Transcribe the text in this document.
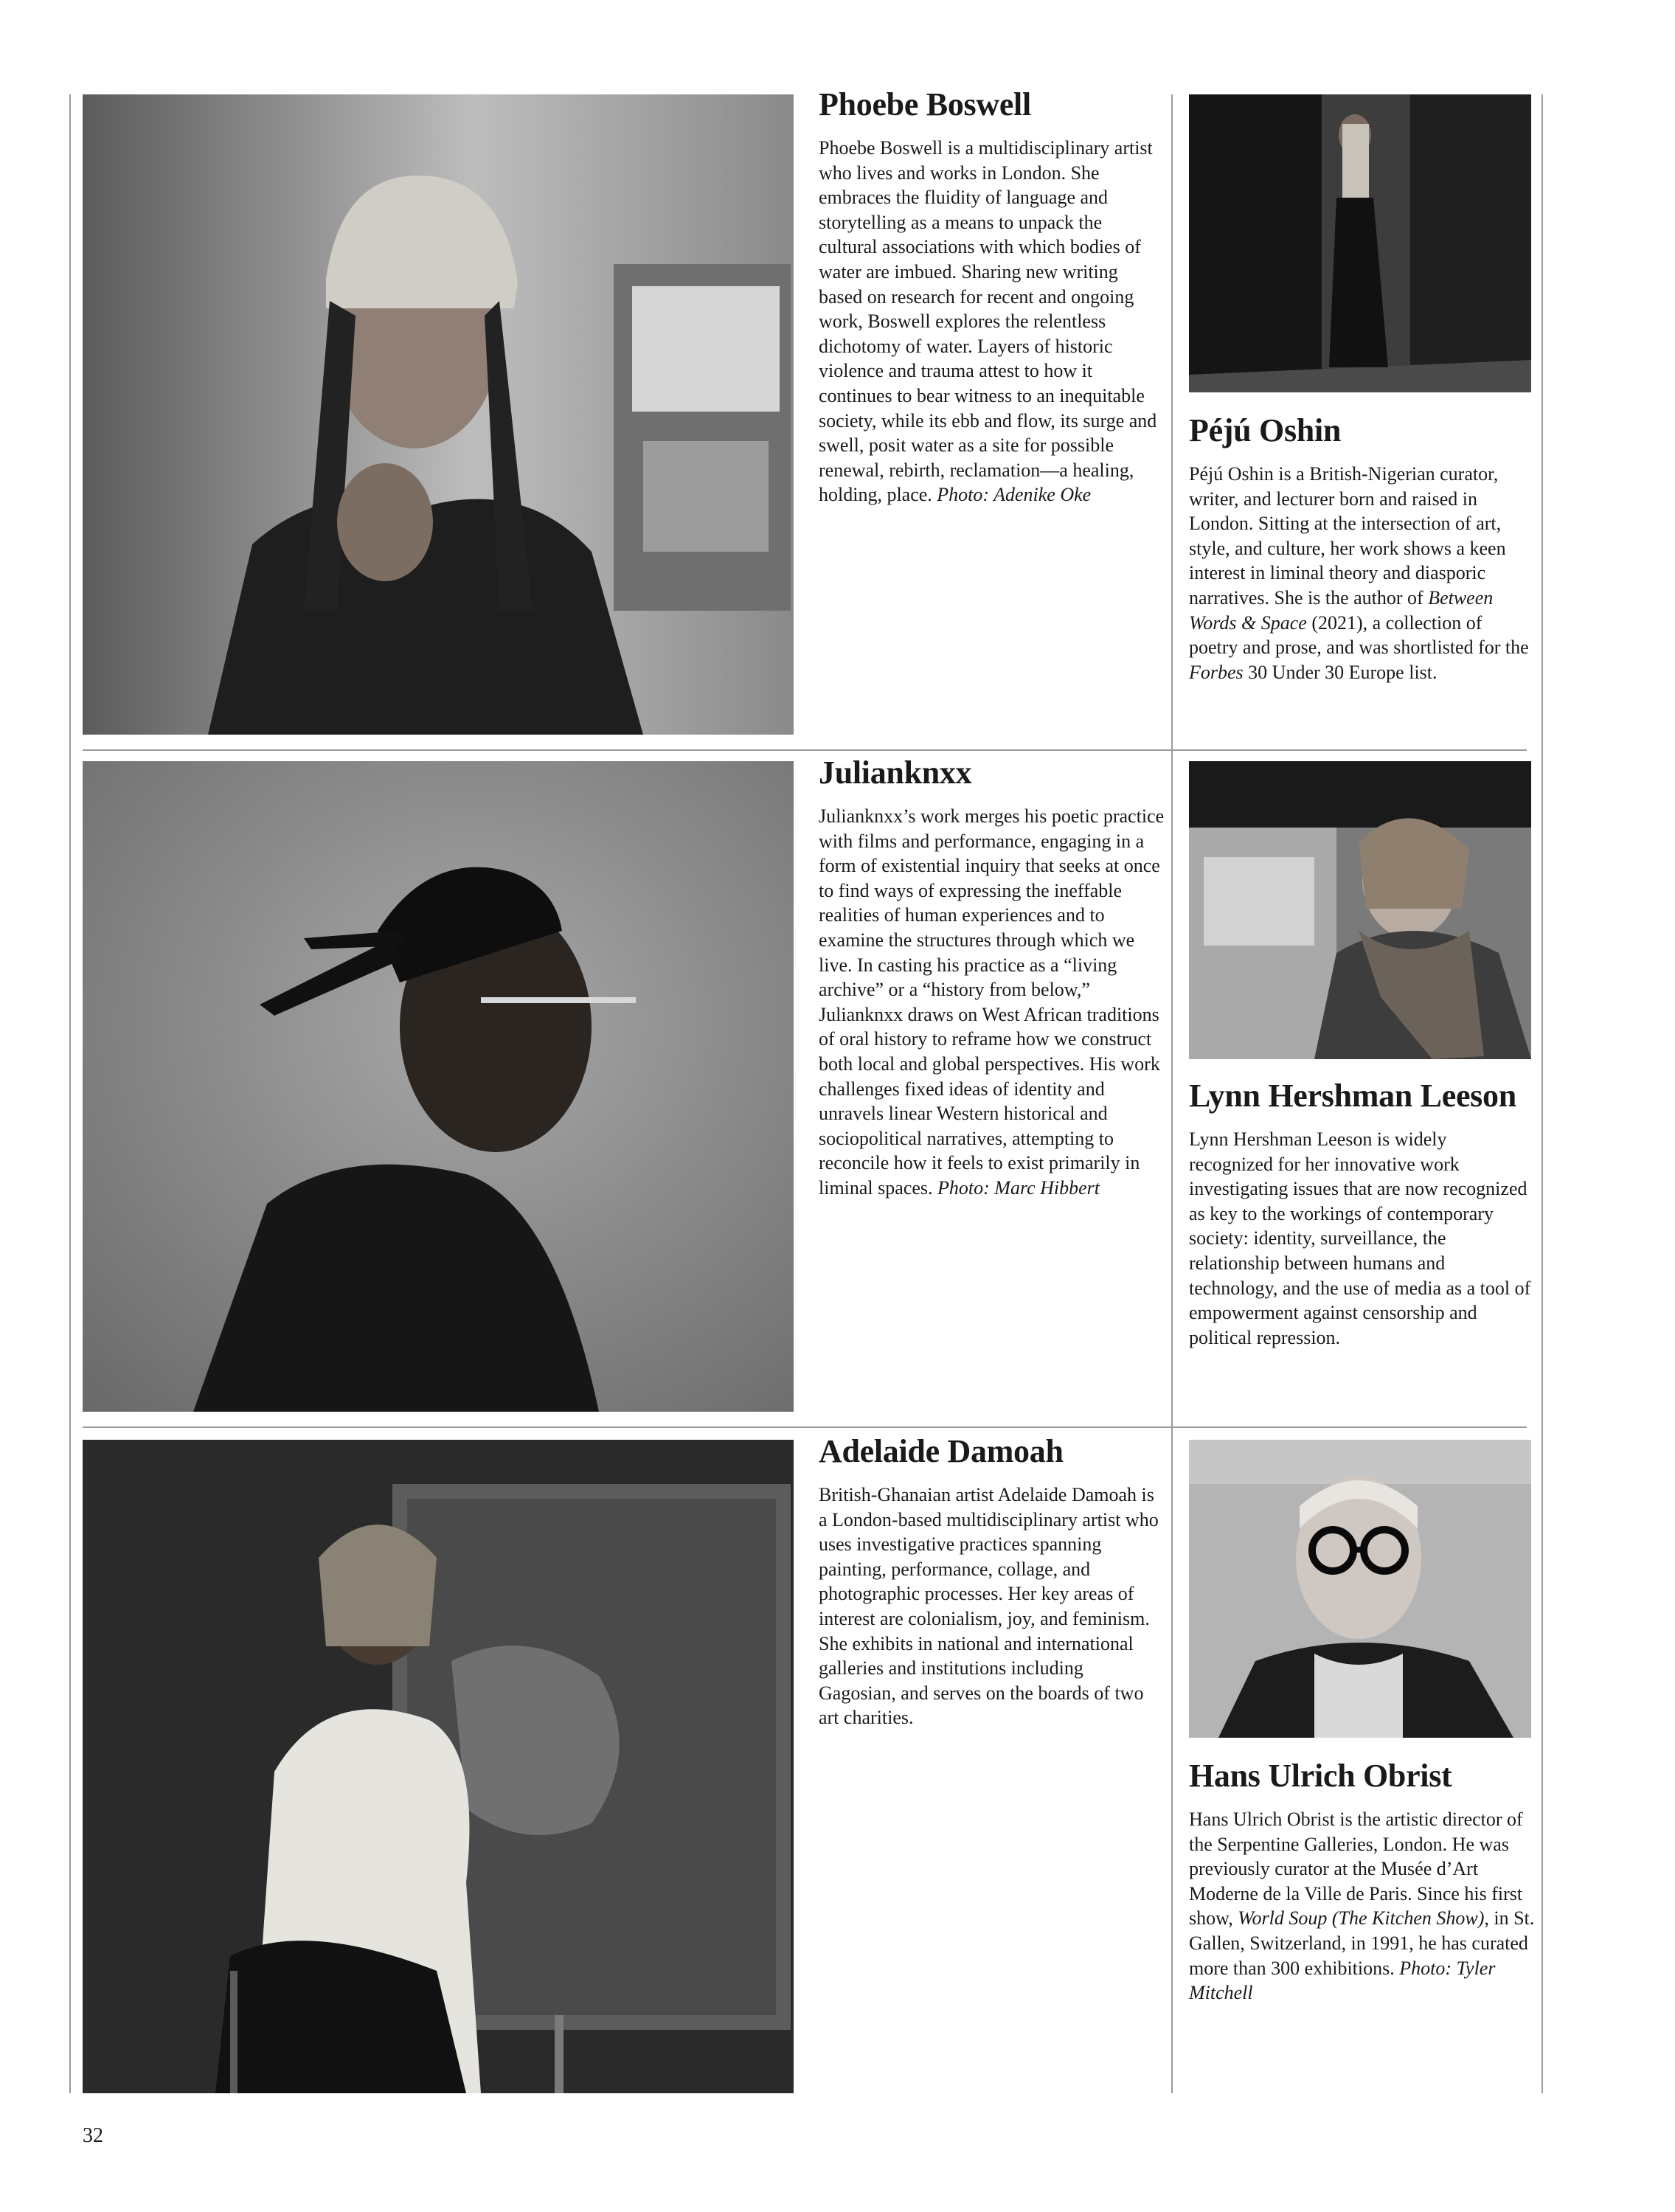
Phoebe Boswell

Phoebe Boswell is a multidisciplinary artist who lives and works in London. She embraces the fluidity of language and storytelling as a means to unpack the cultural associations with which bodies of water are imbued. Sharing new writing based on research for recent and ongoing work, Boswell explores the relentless dichotomy of water. Layers of historic violence and trauma attest to how it continues to bear witness to an inequitable society, while its ebb and flow, its surge and swell, posit water as a site for possible renewal, rebirth, reclamation—a healing, holding, place. Photo: Adenike Oke

Péjú Oshin

Péjú Oshin is a British-Nigerian curator, writer, and lecturer born and raised in London. Sitting at the intersection of art, style, and culture, her work shows a keen interest in liminal theory and diasporic narratives. She is the author of Between Words & Space (2021), a collection of poetry and prose, and was shortlisted for the Forbes 30 Under 30 Europe list.

Julianknxx

Julianknxx’s work merges his poetic practice with films and performance, engaging in a form of existential inquiry that seeks at once to find ways of expressing the ineffable realities of human experiences and to examine the structures through which we live. In casting his practice as a “living archive” or a “history from below,” Julianknxx draws on West African traditions of oral history to reframe how we construct both local and global perspectives. His work challenges fixed ideas of identity and unravels linear Western historical and sociopolitical narratives, attempting to reconcile how it feels to exist primarily in liminal spaces. Photo: Marc Hibbert

Lynn Hershman Leeson

Lynn Hershman Leeson is widely recognized for her innovative work investigating issues that are now recognized as key to the workings of contemporary society: identity, surveillance, the relationship between humans and technology, and the use of media as a tool of empowerment against censorship and political repression.

Adelaide Damoah

British-Ghanaian artist Adelaide Damoah is a London-based multidisciplinary artist who uses investigative practices spanning painting, performance, collage, and photographic processes. Her key areas of interest are colonialism, joy, and feminism. She exhibits in national and international galleries and institutions including Gagosian, and serves on the boards of two art charities.

Hans Ulrich Obrist

Hans Ulrich Obrist is the artistic director of the Serpentine Galleries, London. He was previously curator at the Musée d’Art Moderne de la Ville de Paris. Since his first show, World Soup (The Kitchen Show), in St. Gallen, Switzerland, in 1991, he has curated more than 300 exhibitions. Photo: Tyler Mitchell

32
